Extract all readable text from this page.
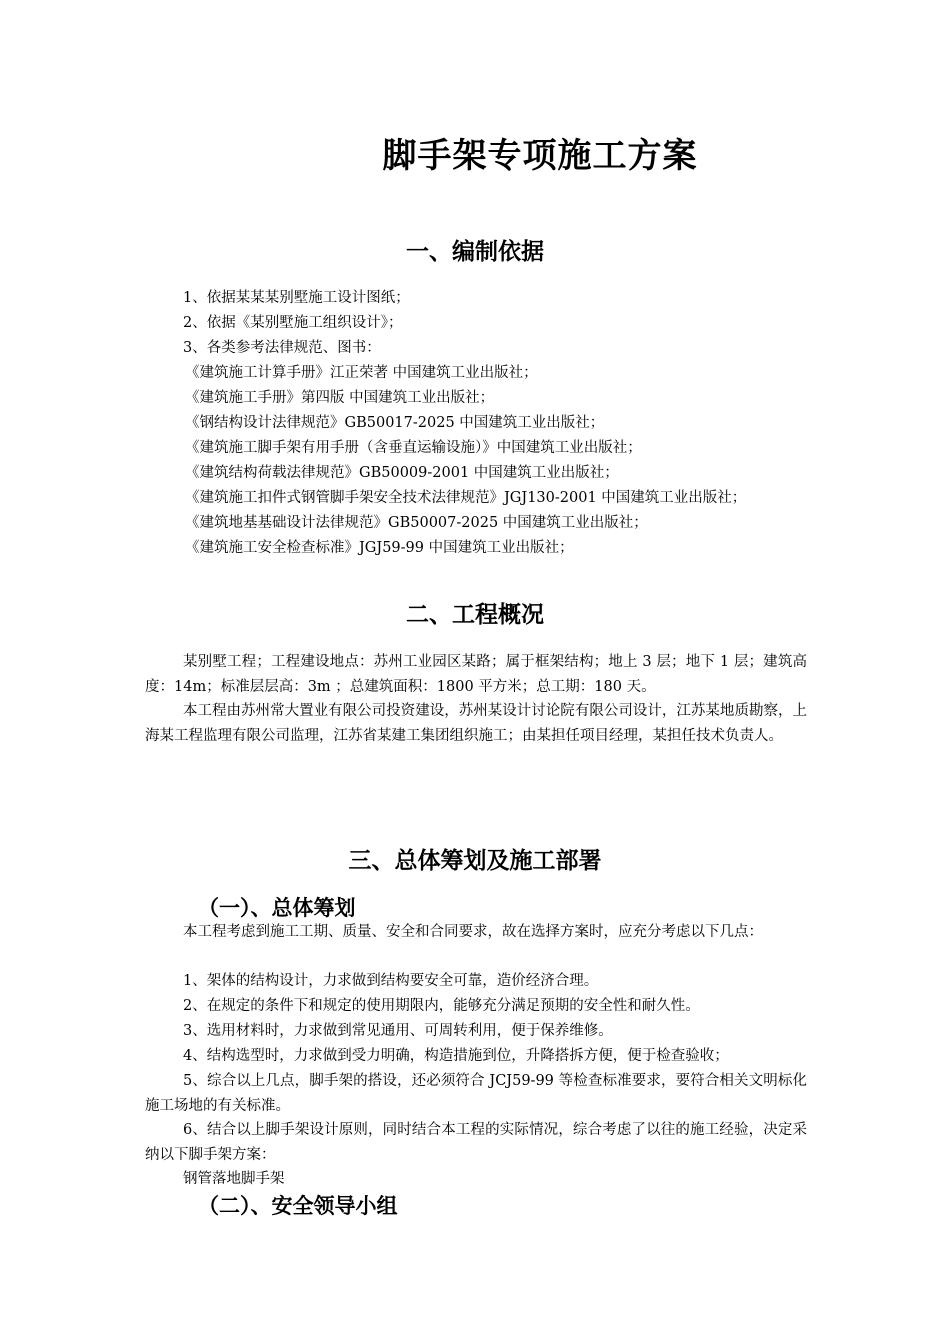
脚手架专项施工方案
一、编制依据
1、依据某某某别墅施工设计图纸；
2、依据《某别墅施工组织设计》；
3、各类参考法律规范、图书：
《建筑施工计算手册》江正荣著 中国建筑工业出版社；
《建筑施工手册》第四版 中国建筑工业出版社；
《钢结构设计法律规范》GB50017-2025 中国建筑工业出版社；
《建筑施工脚手架有用手册（含垂直运输设施）》中国建筑工业出版社；
《建筑结构荷载法律规范》GB50009-2001 中国建筑工业出版社；
《建筑施工扣件式钢管脚手架安全技术法律规范》JGJ130-2001 中国建筑工业出版社；
《建筑地基基础设计法律规范》GB50007-2025 中国建筑工业出版社；
《建筑施工安全检查标准》JGJ59-99 中国建筑工业出版社；
二、工程概况
某别墅工程；工程建设地点：苏州工业园区某路；属于框架结构；地上 3 层；地下 1 层；建筑高度：14m；标准层层高：3m ；总建筑面积：1800 平方米；总工期：180 天。
本工程由苏州常大置业有限公司投资建设，苏州某设计讨论院有限公司设计，江苏某地质勘察，上海某工程监理有限公司监理，江苏省某建工集团组织施工；由某担任项目经理，某担任技术负责人。
三、总体筹划及施工部署
（一）、总体筹划
本工程考虑到施工工期、质量、安全和合同要求，故在选择方案时，应充分考虑以下几点：
1、架体的结构设计，力求做到结构要安全可靠，造价经济合理。
2、在规定的条件下和规定的使用期限内，能够充分满足预期的安全性和耐久性。
3、选用材料时，力求做到常见通用、可周转利用，便于保养维修。
4、结构选型时，力求做到受力明确，构造措施到位，升降搭拆方便，便于检查验收；
5、综合以上几点，脚手架的搭设，还必须符合 JCJ59-99 等检查标准要求，要符合相关文明标化施工场地的有关标准。
6、结合以上脚手架设计原则，同时结合本工程的实际情况，综合考虑了以往的施工经验，决定采纳以下脚手架方案：
钢管落地脚手架
（二）、安全领导小组
